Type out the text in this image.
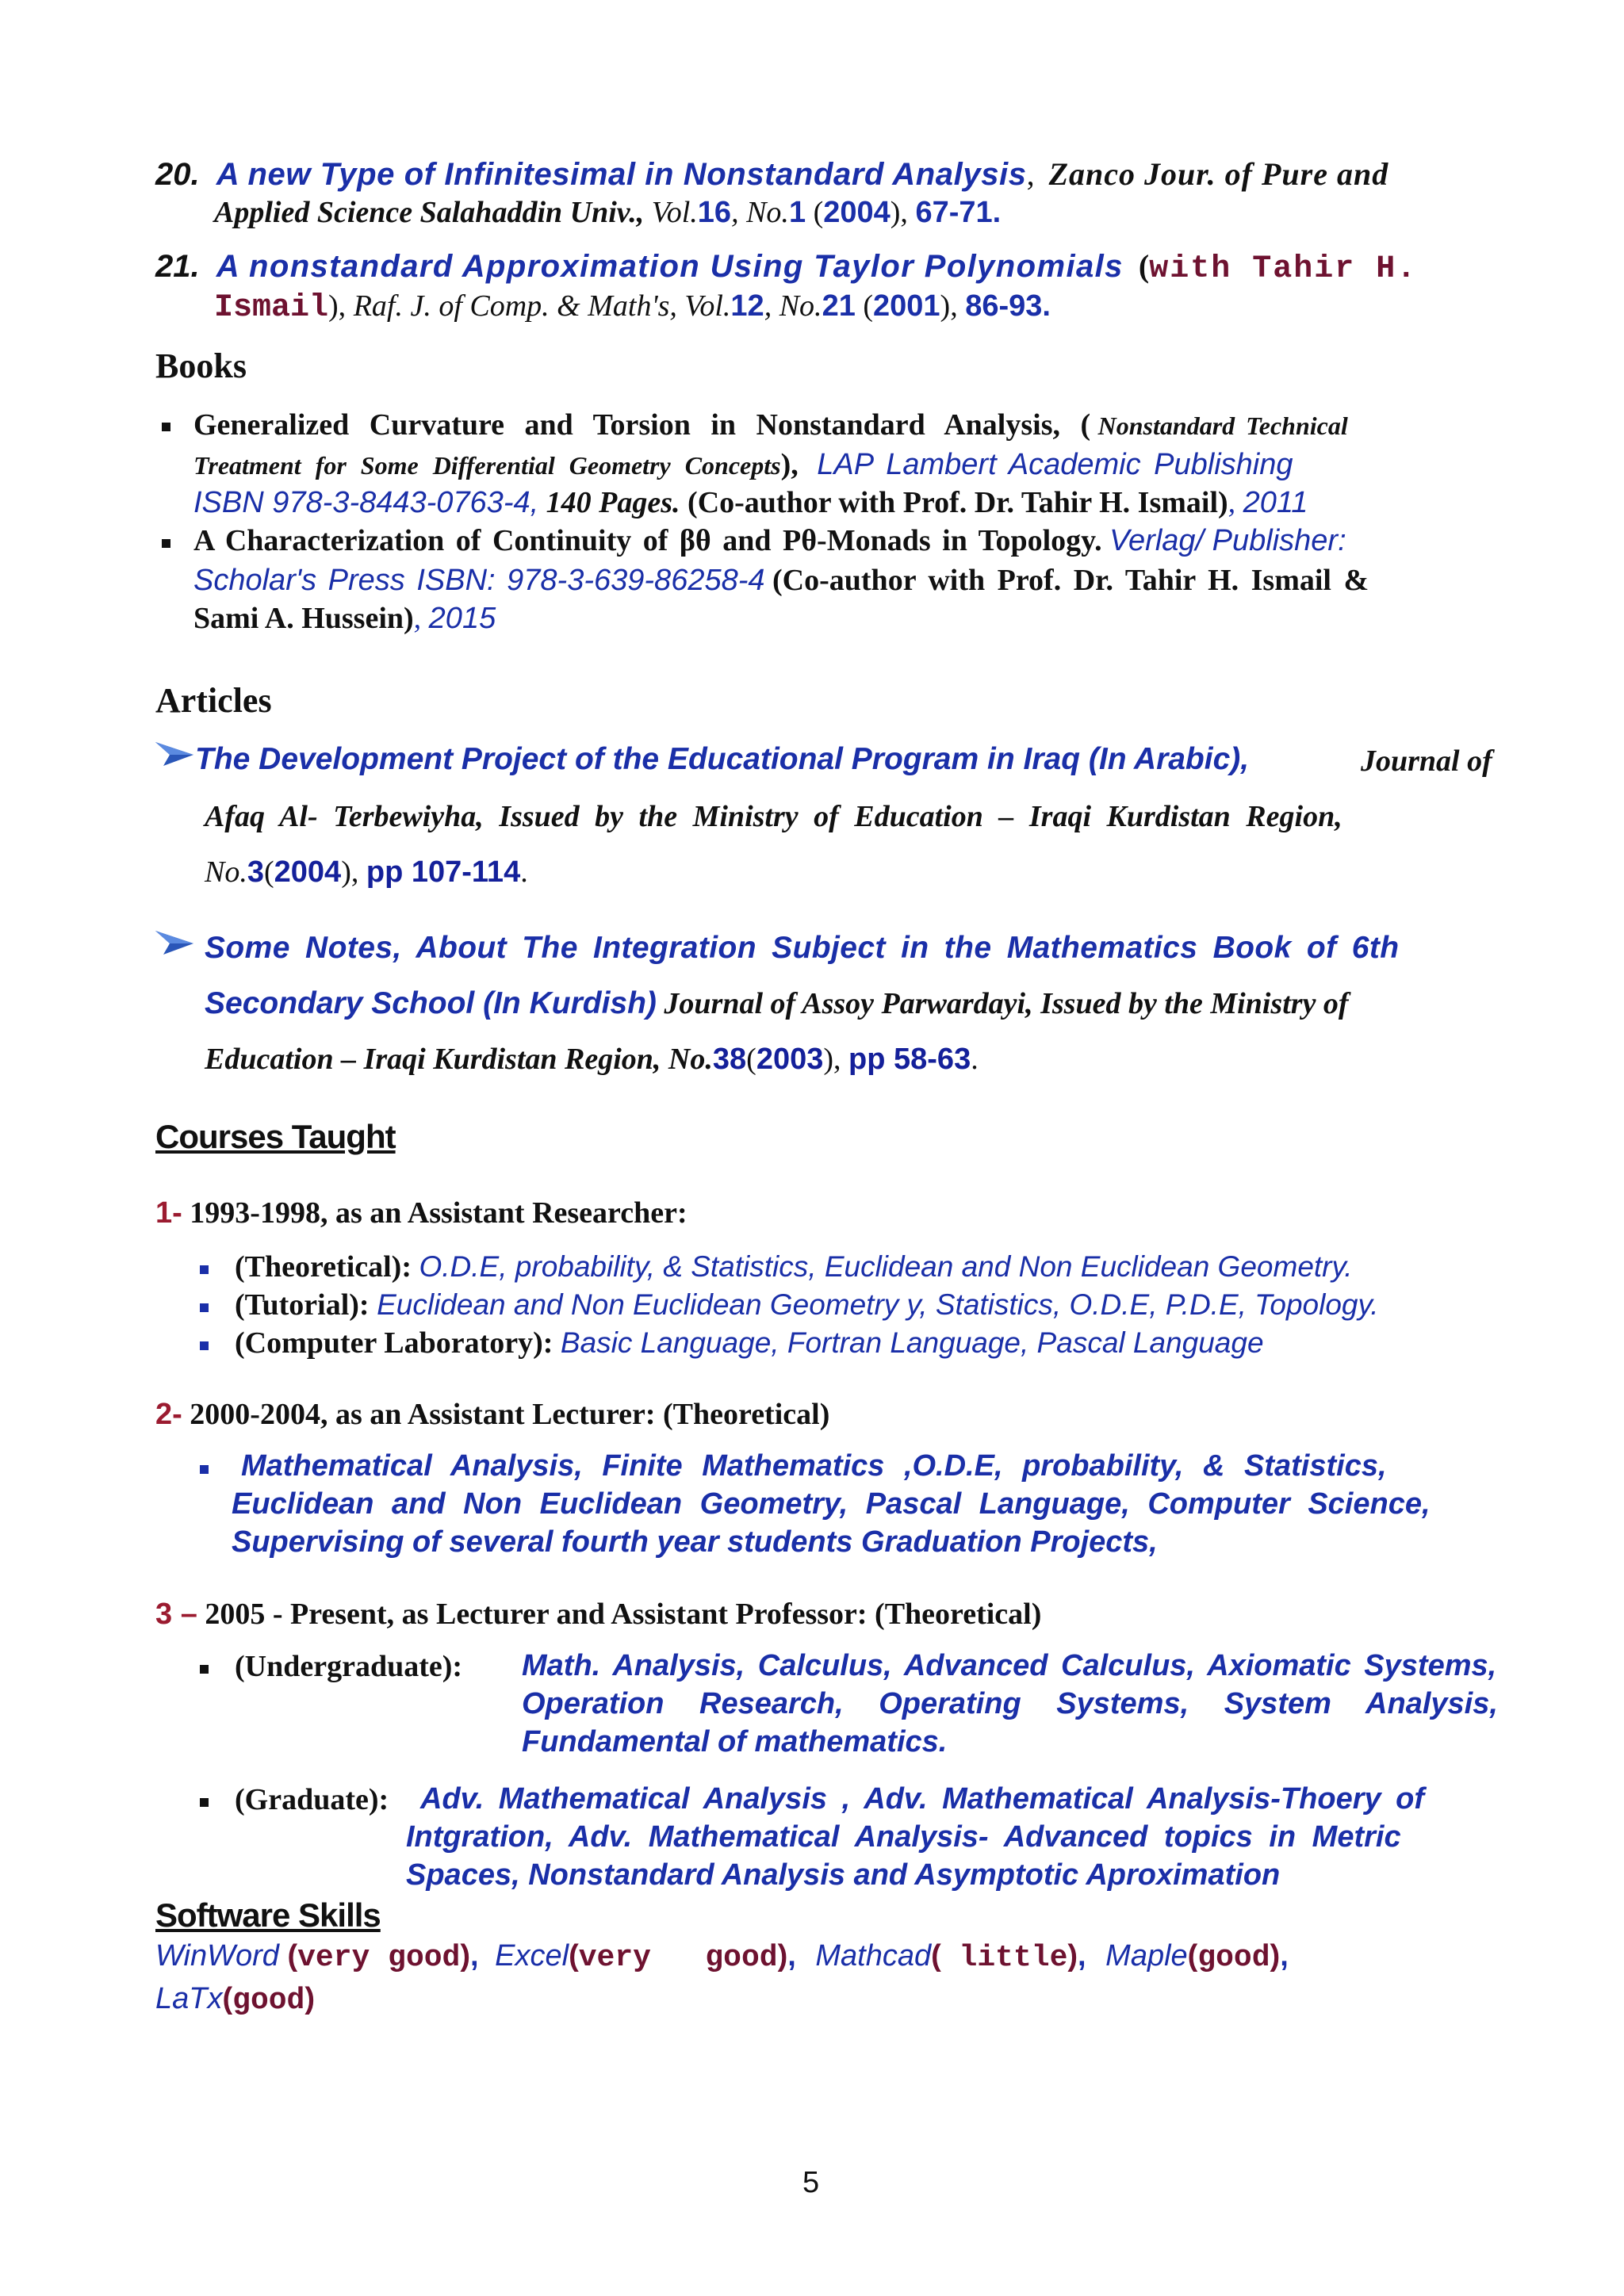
20. A new Type of Infinitesimal in Nonstandard Analysis, Zanco Jour. of Pure and
Applied Science Salahaddin Univ., Vol.16, No.1 (2004), 67-71.
21. A nonstandard Approximation Using Taylor Polynomials (with Tahir H.
Ismail), Raf. J. of Comp. & Math's, Vol.12, No.21 (2001), 86-93.
Books
Generalized Curvature and Torsion in Nonstandard Analysis, ( Nonstandard Technical
Treatment for Some Differential Geometry Concepts), LAP Lambert Academic Publishing
ISBN 978-3-8443-0763-4, 140 Pages. (Co-author with Prof. Dr. Tahir H. Ismail), 2011
A Characterization of Continuity of βθ and Pθ-Monads in Topology. Verlag/ Publisher:
Scholar's Press ISBN: 978-3-639-86258-4 (Co-author with Prof. Dr. Tahir H. Ismail &
Sami A. Hussein), 2015
Articles
The Development Project of the Educational Program in Iraq (In Arabic),	Journal of
Afaq Al- Terbewiyha, Issued by the Ministry of Education – Iraqi Kurdistan Region,
No.3(2004), pp 107-114.
Some Notes, About The Integration Subject in the Mathematics Book of 6th
Secondary School (In Kurdish) Journal of Assoy Parwardayi, Issued by the Ministry of
Education – Iraqi Kurdistan Region, No.38(2003), pp 58-63.
Courses Taught
1- 1993-1998, as an Assistant Researcher:
(Theoretical): O.D.E, probability, & Statistics, Euclidean and Non Euclidean Geometry.
(Tutorial): Euclidean and Non Euclidean Geometry y, Statistics, O.D.E, P.D.E, Topology.
(Computer Laboratory): Basic Language, Fortran Language, Pascal Language
2- 2000-2004, as an Assistant Lecturer: (Theoretical)
Mathematical Analysis, Finite Mathematics ,O.D.E, probability, & Statistics,
Euclidean and Non Euclidean Geometry, Pascal Language, Computer Science,
Supervising of several fourth year students Graduation Projects,
3 – 2005 - Present, as Lecturer and Assistant Professor: (Theoretical)
(Undergraduate): Math. Analysis, Calculus, Advanced Calculus, Axiomatic Systems,
Operation Research, Operating Systems, System Analysis,
Fundamental of mathematics.
(Graduate): Adv. Mathematical Analysis , Adv. Mathematical Analysis-Thoery of
Intgration, Adv. Mathematical Analysis- Advanced topics in Metric
Spaces, Nonstandard Analysis and Asymptotic Aproximation
Software Skills
WinWord (very good), Excel(very   good), Mathcad( little), Maple(good),
LaTx(good)
5
